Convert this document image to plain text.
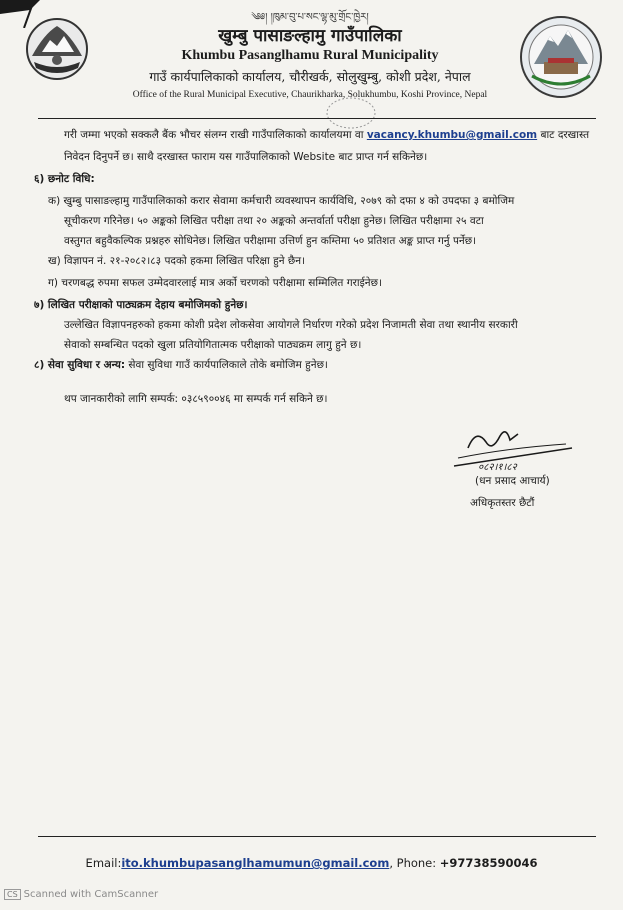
༄༅། །ཁུམ་བུ་པ་སང་ལྷ་མུ་གྲོང་ཁྱེར།
खुम्बु पासाङल्हामु गाउँपालिका
Khumbu Pasanglhamu Rural Municipality
गाउँ कार्यपालिकाको कार्यालय, चौरीखर्क, सोलुखुम्बु, कोशी प्रदेश, नेपाल
Office of the Rural Municipal Executive, Chaurikharka, Solukhumbu, Koshi Province, Nepal
गरी जम्मा भएको सक्कलै बैंक भौचर संलग्न राखी गाउँपालिकाको कार्यालयमा वा vacancy.khumbu@gmail.com बाट दरखास्त
निवेदन दिनुपर्ने छ। साथै दरखास्त फाराम यस गाउँपालिकाको Website बाट प्राप्त गर्न सकिनेछ।
६) छनोट विधि:
क) खुम्बु पासाङल्हामु गाउँपालिकाको करार सेवामा कर्मचारी व्यवस्थापन कार्यविधि, २०७९ को दफा ४ को उपदफा ३ बमोजिम
सूचीकरण गरिनेछ। ५० अङ्कको लिखित परीक्षा तथा २० अङ्कको अन्तर्वार्ता परीक्षा हुनेछ। लिखित परीक्षामा २५ वटा
वस्तुगत बहुवैकल्पिक प्रश्नहरु सोधिनेछ। लिखित परीक्षामा उत्तिर्ण हुन कम्तिमा ५० प्रतिशत अङ्क प्राप्त गर्नु पर्नेछ।
ख) विज्ञापन नं. २१-२०८२।८३ पदको हकमा लिखित परिक्षा हुने छैन।
ग) चरणबद्ध रुपमा सफल उम्मेदवारलाई मात्र अर्को चरणको परीक्षामा सम्मिलित गराईनेछ।
७) लिखित परीक्षाको पाठ्यक्रम देहाय बमोजिमको हुनेछ।
उल्लेखित विज्ञापनहरुको हकमा कोशी प्रदेश लोकसेवा आयोगले निर्धारण गरेको प्रदेश निजामती सेवा तथा स्थानीय सरकारी
सेवाको सम्बन्धित पदको खुला प्रतियोगितात्मक परीक्षाको पाठ्यक्रम लागु हुने छ।
८) सेवा सुविधा र अन्य: सेवा सुविधा गाउँ कार्यपालिकाले तोके बमोजिम हुनेछ।
थप जानकारीको लागि सम्पर्क: ०३८५९००४६ मा सम्पर्क गर्न सकिने छ।
०८२।१।८२
(धन प्रसाद आचार्य)
अधिकृतस्तर छैटौं
Email:ito.khumbupasanglhamumun@gmail.com, Phone: +97738590046
CS Scanned with CamScanner
